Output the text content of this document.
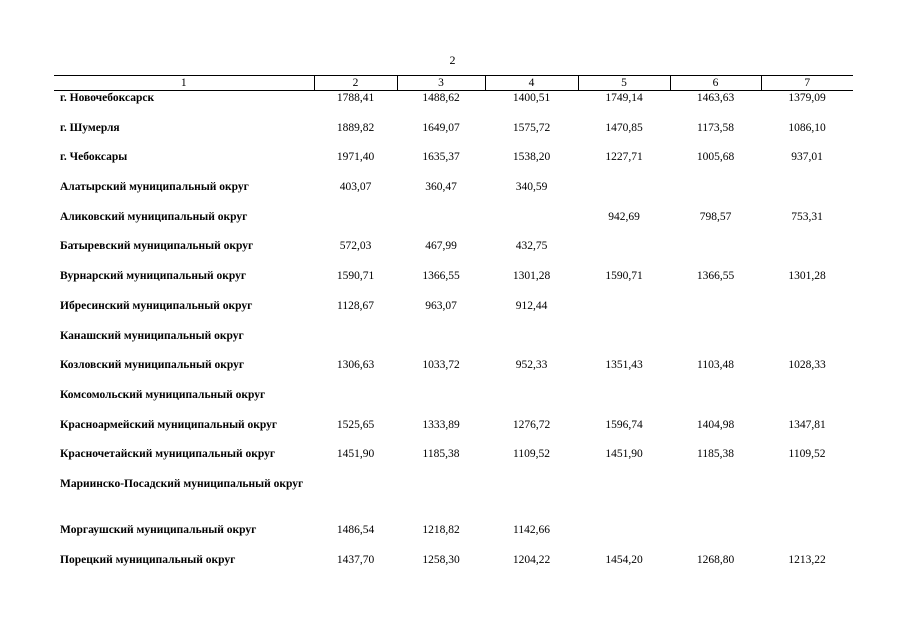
2
1	2	3	4	5	6	7
г. Новочебоксарск	1788,41	1488,62	1400,51	1749,14	1463,63	1379,09
г. Шумерля	1889,82	1649,07	1575,72	1470,85	1173,58	1086,10
г. Чебоксары	1971,40	1635,37	1538,20	1227,71	1005,68	937,01
Алатырский муниципальный округ	403,07	360,47	340,59			
Аликовский муниципальный округ				942,69	798,57	753,31
Батыревский муниципальный округ	572,03	467,99	432,75			
Вурнарский муниципальный округ	1590,71	1366,55	1301,28	1590,71	1366,55	1301,28
Ибресинский муниципальный округ	1128,67	963,07	912,44			
Канашский муниципальный округ						
Козловский муниципальный округ	1306,63	1033,72	952,33	1351,43	1103,48	1028,33
Комсомольский муниципальный округ						
Красноармейский муниципальный округ	1525,65	1333,89	1276,72	1596,74	1404,98	1347,81
Красночетайский муниципальный округ	1451,90	1185,38	1109,52	1451,90	1185,38	1109,52
Мариинско-Посадский муниципальный округ						
Моргаушский муниципальный округ	1486,54	1218,82	1142,66			
Порецкий муниципальный округ	1437,70	1258,30	1204,22	1454,20	1268,80	1213,22
